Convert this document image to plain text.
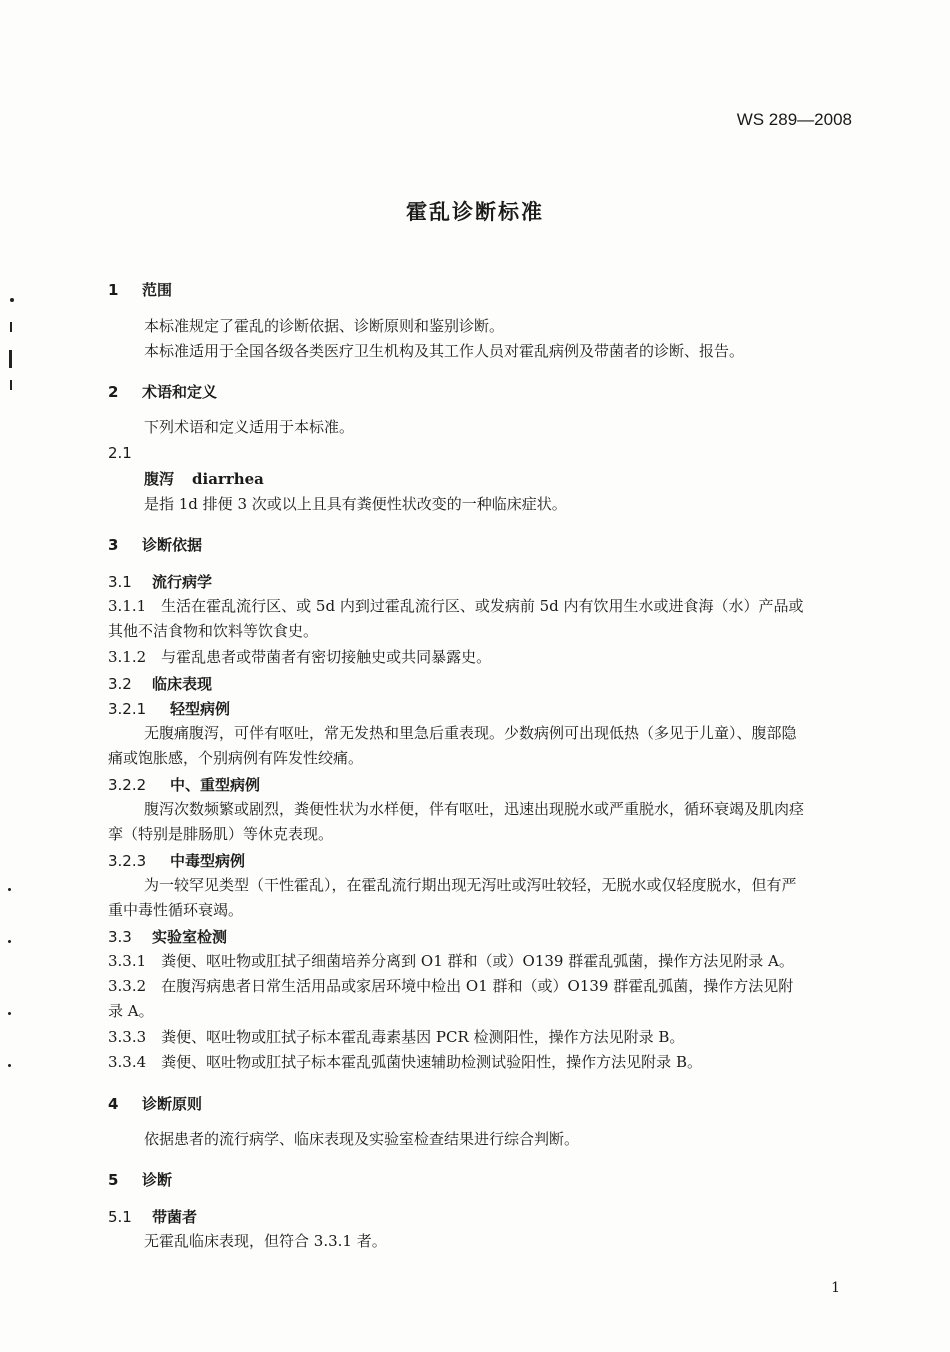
WS 289—2008
霍乱诊断标准
1 范围
本标准规定了霍乱的诊断依据、诊断原则和鉴别诊断。
本标准适用于全国各级各类医疗卫生机构及其工作人员对霍乱病例及带菌者的诊断、报告。
2 术语和定义
下列术语和定义适用于本标准。
2.1
腹泻 diarrhea
是指 1d 排便 3 次或以上且具有粪便性状改变的一种临床症状。
3 诊断依据
3.1 流行病学
3.1.1　生活在霍乱流行区、或 5d 内到过霍乱流行区、或发病前 5d 内有饮用生水或进食海（水）产品或
其他不洁食物和饮料等饮食史。
3.1.2　与霍乱患者或带菌者有密切接触史或共同暴露史。
3.2 临床表现
3.2.1 轻型病例
无腹痛腹泻，可伴有呕吐，常无发热和里急后重表现。少数病例可出现低热（多见于儿童）、腹部隐
痛或饱胀感，个别病例有阵发性绞痛。
3.2.2 中、重型病例
腹泻次数频繁或剧烈，粪便性状为水样便，伴有呕吐，迅速出现脱水或严重脱水，循环衰竭及肌肉痉
挛（特别是腓肠肌）等休克表现。
3.2.3 中毒型病例
为一较罕见类型（干性霍乱），在霍乱流行期出现无泻吐或泻吐较轻，无脱水或仅轻度脱水，但有严
重中毒性循环衰竭。
3.3 实验室检测
3.3.1　粪便、呕吐物或肛拭子细菌培养分离到 O1 群和（或）O139 群霍乱弧菌，操作方法见附录 A。
3.3.2　在腹泻病患者日常生活用品或家居环境中检出 O1 群和（或）O139 群霍乱弧菌，操作方法见附
录 A。
3.3.3　粪便、呕吐物或肛拭子标本霍乱毒素基因 PCR 检测阳性，操作方法见附录 B。
3.3.4　粪便、呕吐物或肛拭子标本霍乱弧菌快速辅助检测试验阳性，操作方法见附录 B。
4 诊断原则
依据患者的流行病学、临床表现及实验室检查结果进行综合判断。
5 诊断
5.1 带菌者
无霍乱临床表现，但符合 3.3.1 者。
1
